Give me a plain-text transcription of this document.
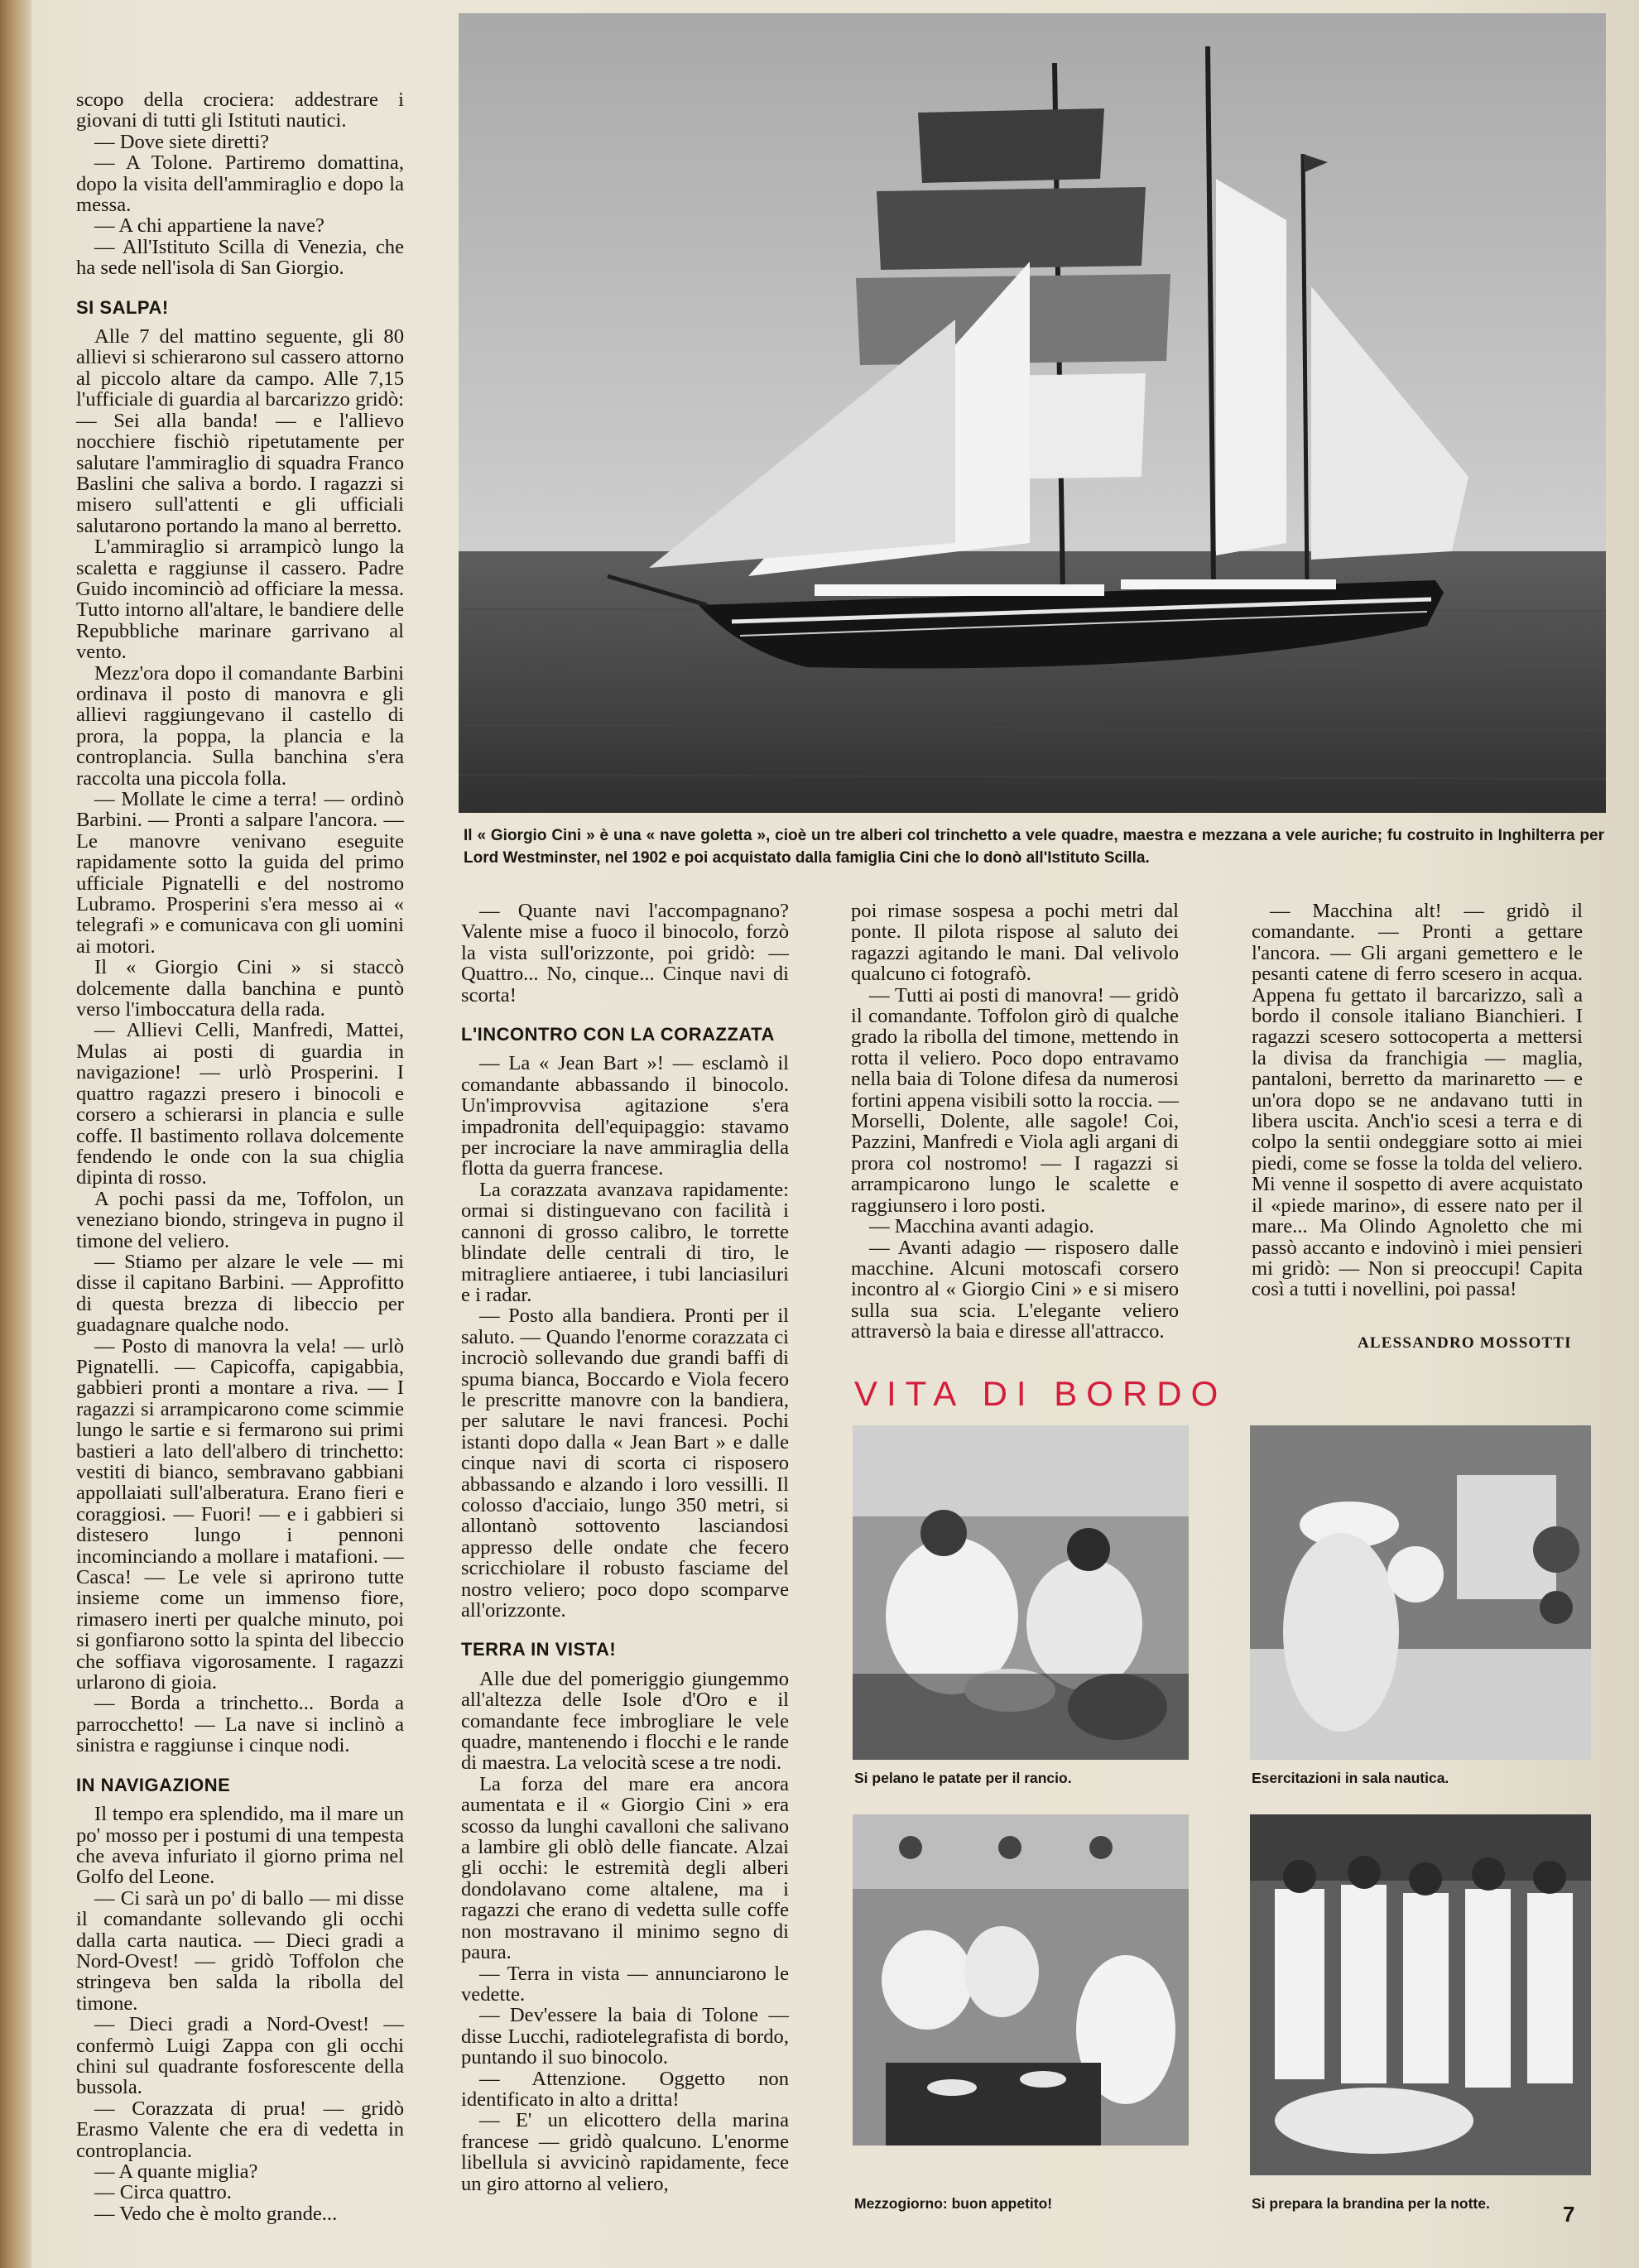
scopo della crociera: addestrare i giovani di tutti gli Istituti nautici.

— Dove siete diretti?

— A Tolone. Partiremo domattina, dopo la visita dell'ammiraglio e dopo la messa.

— A chi appartiene la nave?

— All'Istituto Scilla di Venezia, che ha sede nell'isola di San Giorgio.

SI SALPA!

Alle 7 del mattino seguente, gli 80 allievi si schierarono sul cassero attorno al piccolo altare da campo. Alle 7,15 l'ufficiale di guardia al barcarizzo gridò: — Sei alla banda! — e l'allievo nocchiere fischiò ripetutamente per salutare l'ammiraglio di squadra Franco Baslini che saliva a bordo. I ragazzi si misero sull'attenti e gli ufficiali salutarono portando la mano al berretto.

L'ammiraglio si arrampicò lungo la scaletta e raggiunse il cassero. Padre Guido incominciò ad officiare la messa. Tutto intorno all'altare, le bandiere delle Repubbliche marinare garrivano al vento.

Mezz'ora dopo il comandante Barbini ordinava il posto di manovra e gli allievi raggiungevano il castello di prora, la poppa, la plancia e la controplancia. Sulla banchina s'era raccolta una piccola folla.

— Mollate le cime a terra! — ordinò Barbini. — Pronti a salpare l'ancora. — Le manovre venivano eseguite rapidamente sotto la guida del primo ufficiale Pignatelli e del nostromo Lubramo. Prosperini s'era messo ai « telegrafi » e comunicava con gli uomini ai motori.

Il « Giorgio Cini » si staccò dolcemente dalla banchina e puntò verso l'imboccatura della rada.

— Allievi Celli, Manfredi, Mattei, Mulas ai posti di guardia in navigazione! — urlò Prosperini. I quattro ragazzi presero i binocoli e corsero a schierarsi in plancia e sulle coffe. Il bastimento rollava dolcemente fendendo le onde con la sua chiglia dipinta di rosso.

A pochi passi da me, Toffolon, un veneziano biondo, stringeva in pugno il timone del veliero.

— Stiamo per alzare le vele — mi disse il capitano Barbini. — Approfitto di questa brezza di libeccio per guadagnare qualche nodo.

— Posto di manovra la vela! — urlò Pignatelli. — Capicoffa, capigabbia, gabbieri pronti a montare a riva. — I ragazzi si arrampicarono come scimmie lungo le sartie e si fermarono sui primi bastieri a lato dell'albero di trinchetto: vestiti di bianco, sembravano gabbiani appollaiati sull'alberatura. Erano fieri e coraggiosi. — Fuori! — e i gabbieri si distesero lungo i pennoni incominciando a mollare i matafioni. — Casca! — Le vele si aprirono tutte insieme come un immenso fiore, rimasero inerti per qualche minuto, poi si gonfiarono sotto la spinta del libeccio che soffiava vigorosamente. I ragazzi urlarono di gioia.

— Borda a trinchetto... Borda a parrocchetto! — La nave si inclinò a sinistra e raggiunse i cinque nodi.

IN NAVIGAZIONE

Il tempo era splendido, ma il mare un po' mosso per i postumi di una tempesta che aveva infuriato il giorno prima nel Golfo del Leone.

— Ci sarà un po' di ballo — mi disse il comandante sollevando gli occhi dalla carta nautica. — Dieci gradi a Nord-Ovest! — gridò Toffolon che stringeva ben salda la ribolla del timone.

— Dieci gradi a Nord-Ovest! — confermò Luigi Zappa con gli occhi chini sul quadrante fosforescente della bussola.

— Corazzata di prua! — gridò Erasmo Valente che era di vedetta in controplancia.

— A quante miglia?

— Circa quattro.

— Vedo che è molto grande...

Il « Giorgio Cini » è una « nave goletta », cioè un tre alberi col trinchetto a vele quadre, maestra e mezzana a vele auriche; fu costruito in Inghilterra per Lord Westminster, nel 1902 e poi acquistato dalla famiglia Cini che lo donò all'Istituto Scilla.

— Quante navi l'accompagnano? Valente mise a fuoco il binocolo, forzò la vista sull'orizzonte, poi gridò: — Quattro... No, cinque... Cinque navi di scorta!

L'INCONTRO CON LA CORAZZATA

— La « Jean Bart »! — esclamò il comandante abbassando il binocolo. Un'improvvisa agitazione s'era impadronita dell'equipaggio: stavamo per incrociare la nave ammiraglia della flotta da guerra francese.

La corazzata avanzava rapidamente: ormai si distinguevano con facilità i cannoni di grosso calibro, le torrette blindate delle centrali di tiro, le mitragliere antiaeree, i tubi lanciasiluri e i radar.

— Posto alla bandiera. Pronti per il saluto. — Quando l'enorme corazzata ci incrociò sollevando due grandi baffi di spuma bianca, Boccardo e Viola fecero le prescritte manovre con la bandiera, per salutare le navi francesi. Pochi istanti dopo dalla « Jean Bart » e dalle cinque navi di scorta ci risposero abbassando e alzando i loro vessilli. Il colosso d'acciaio, lungo 350 metri, si allontanò sottovento lasciandosi appresso delle ondate che fecero scricchiolare il robusto fasciame del nostro veliero; poco dopo scomparve all'orizzonte.

TERRA IN VISTA!

Alle due del pomeriggio giungemmo all'altezza delle Isole d'Oro e il comandante fece imbrogliare le vele quadre, mantenendo i flocchi e le rande di maestra. La velocità scese a tre nodi.

La forza del mare era ancora aumentata e il « Giorgio Cini » era scosso da lunghi cavalloni che salivano a lambire gli oblò delle fiancate. Alzai gli occhi: le estremità degli alberi dondolavano come altalene, ma i ragazzi che erano di vedetta sulle coffe non mostravano il minimo segno di paura.

— Terra in vista — annunciarono le vedette.

— Dev'essere la baia di Tolone — disse Lucchi, radiotelegrafista di bordo, puntando il suo binocolo.

— Attenzione. Oggetto non identificato in alto a dritta!

— E' un elicottero della marina francese — gridò qualcuno. L'enorme libellula si avvicinò rapidamente, fece un giro attorno al veliero,

poi rimase sospesa a pochi metri dal ponte. Il pilota rispose al saluto dei ragazzi agitando le mani. Dal velivolo qualcuno ci fotografò.

— Tutti ai posti di manovra! — gridò il comandante. Toffolon girò di qualche grado la ribolla del timone, mettendo in rotta il veliero. Poco dopo entravamo nella baia di Tolone difesa da numerosi fortini appena visibili sotto la roccia. — Morselli, Dolente, alle sagole! Coi, Pazzini, Manfredi e Viola agli argani di prora col nostromo! — I ragazzi si arrampicarono lungo le scalette e raggiunsero i loro posti.

— Macchina avanti adagio.

— Avanti adagio — risposero dalle macchine. Alcuni motoscafi corsero incontro al « Giorgio Cini » e si misero sulla sua scia. L'elegante veliero attraversò la baia e diresse all'attracco.

— Macchina alt! — gridò il comandante. — Pronti a gettare l'ancora. — Gli argani gemettero e le pesanti catene di ferro scesero in acqua. Appena fu gettato il barcarizzo, salì a bordo il console italiano Bianchieri. I ragazzi scesero sottocoperta a mettersi la divisa da franchigia — maglia, pantaloni, berretto da marinaretto — e un'ora dopo se ne andavano tutti in libera uscita. Anch'io scesi a terra e di colpo la sentii ondeggiare sotto ai miei piedi, come se fosse la tolda del veliero. Mi venne il sospetto di avere acquistato il «piede marino», di essere nato per il mare... Ma Olindo Agnoletto che mi passò accanto e indovinò i miei pensieri mi gridò: — Non si preoccupi! Capita così a tutti i novellini, poi passa!

ALESSANDRO MOSSOTTI
VITA DI BORDO
Si pelano le patate per il rancio.	Esercitazioni in sala nautica.
Mezzogiorno: buon appetito!	Si prepara la brandina per la notte.	7
